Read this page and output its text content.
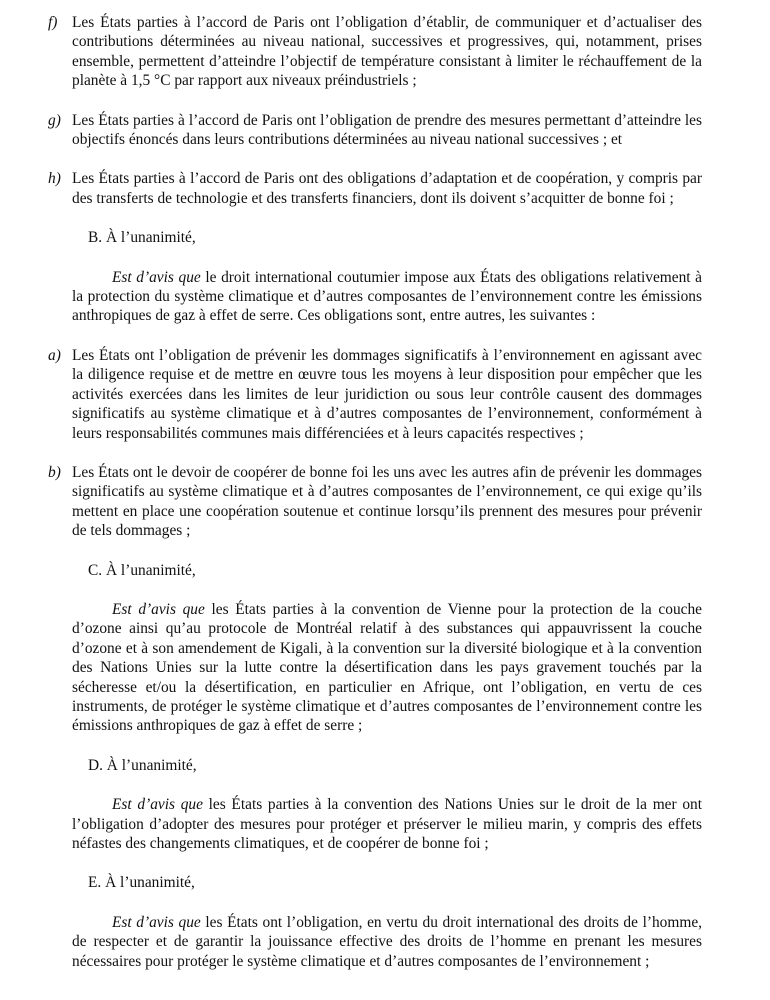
f) Les États parties à l’accord de Paris ont l’obligation d’établir, de communiquer et d’actualiser des contributions déterminées au niveau national, successives et progressives, qui, notamment, prises ensemble, permettent d’atteindre l’objectif de température consistant à limiter le réchauffement de la planète à 1,5 °C par rapport aux niveaux préindustriels ;
g) Les États parties à l’accord de Paris ont l’obligation de prendre des mesures permettant d’atteindre les objectifs énoncés dans leurs contributions déterminées au niveau national successives ; et
h) Les États parties à l’accord de Paris ont des obligations d’adaptation et de coopération, y compris par des transferts de technologie et des transferts financiers, dont ils doivent s’acquitter de bonne foi ;

B. À l’unanimité,

Est d’avis que le droit international coutumier impose aux États des obligations relativement à la protection du système climatique et d’autres composantes de l’environnement contre les émissions anthropiques de gaz à effet de serre. Ces obligations sont, entre autres, les suivantes :

a) Les États ont l’obligation de prévenir les dommages significatifs à l’environnement en agissant avec la diligence requise et de mettre en œuvre tous les moyens à leur disposition pour empêcher que les activités exercées dans les limites de leur juridiction ou sous leur contrôle causent des dommages significatifs au système climatique et à d’autres composantes de l’environnement, conformément à leurs responsabilités communes mais différenciées et à leurs capacités respectives ;
b) Les États ont le devoir de coopérer de bonne foi les uns avec les autres afin de prévenir les dommages significatifs au système climatique et à d’autres composantes de l’environnement, ce qui exige qu’ils mettent en place une coopération soutenue et continue lorsqu’ils prennent des mesures pour prévenir de tels dommages ;

C. À l’unanimité,

Est d’avis que les États parties à la convention de Vienne pour la protection de la couche d’ozone ainsi qu’au protocole de Montréal relatif à des substances qui appauvrissent la couche d’ozone et à son amendement de Kigali, à la convention sur la diversité biologique et à la convention des Nations Unies sur la lutte contre la désertification dans les pays gravement touchés par la sécheresse et/ou la désertification, en particulier en Afrique, ont l’obligation, en vertu de ces instruments, de protéger le système climatique et d’autres composantes de l’environnement contre les émissions anthropiques de gaz à effet de serre ;

D. À l’unanimité,

Est d’avis que les États parties à la convention des Nations Unies sur le droit de la mer ont l’obligation d’adopter des mesures pour protéger et préserver le milieu marin, y compris des effets néfastes des changements climatiques, et de coopérer de bonne foi ;

E. À l’unanimité,

Est d’avis que les États ont l’obligation, en vertu du droit international des droits de l’homme, de respecter et de garantir la jouissance effective des droits de l’homme en prenant les mesures nécessaires pour protéger le système climatique et d’autres composantes de l’environnement ;
